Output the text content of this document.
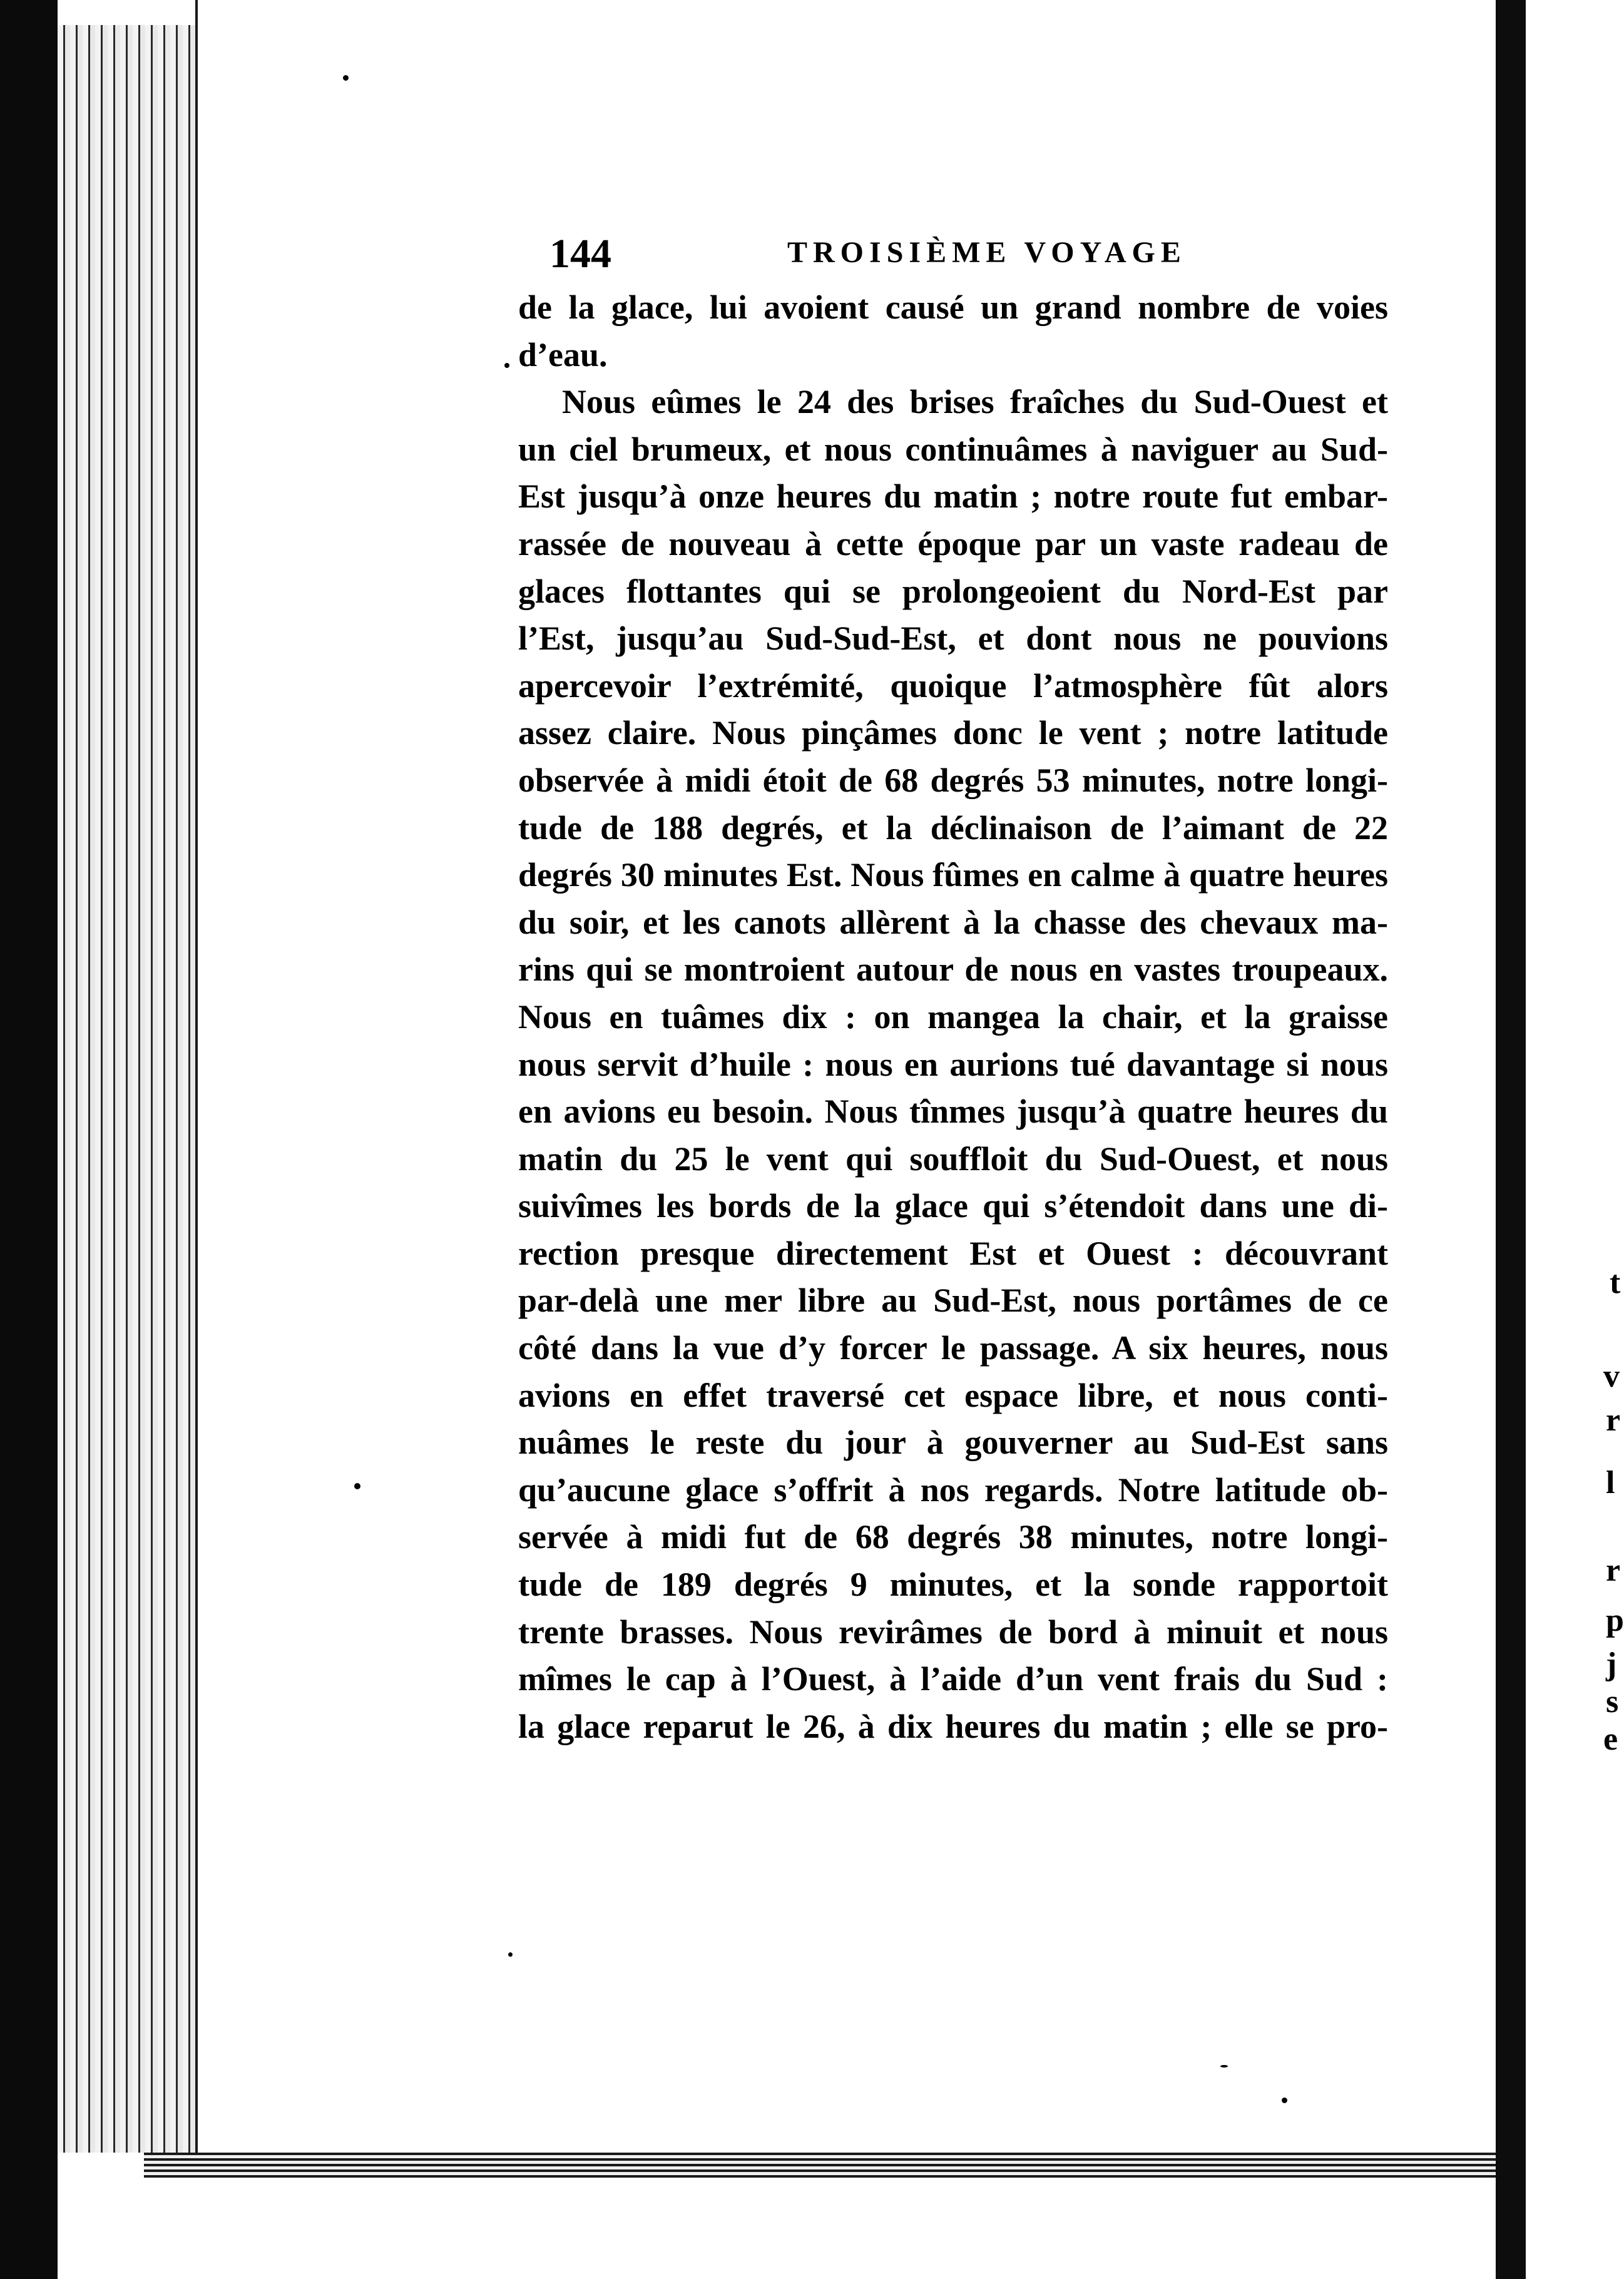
t
v
r
l
r
p
j
s
e
144	TROISIÈME VOYAGE
de la glace, lui avoient causé un grand nombre de voies
d’eau.
Nous eûmes le 24 des brises fraîches du Sud-Ouest et
un ciel brumeux, et nous continuâmes à naviguer au Sud-
Est jusqu’à onze heures du matin ; notre route fut embar-
rassée de nouveau à cette époque par un vaste radeau de
glaces flottantes qui se prolongeoient du Nord-Est par
l’Est, jusqu’au Sud-Sud-Est, et dont nous ne pouvions
apercevoir l’extrémité, quoique l’atmosphère fût alors
assez claire. Nous pinçâmes donc le vent ; notre latitude
observée à midi étoit de 68 degrés 53 minutes, notre longi-
tude de 188 degrés, et la déclinaison de l’aimant de 22
degrés 30 minutes Est. Nous fûmes en calme à quatre heures
du soir, et les canots allèrent à la chasse des chevaux ma-
rins qui se montroient autour de nous en vastes troupeaux.
Nous en tuâmes dix : on mangea la chair, et la graisse
nous servit d’huile : nous en aurions tué davantage si nous
en avions eu besoin. Nous tînmes jusqu’à quatre heures du
matin du 25 le vent qui souffloit du Sud-Ouest, et nous
suivîmes les bords de la glace qui s’étendoit dans une di-
rection presque directement Est et Ouest : découvrant
par-delà une mer libre au Sud-Est, nous portâmes de ce
côté dans la vue d’y forcer le passage. A six heures, nous
avions en effet traversé cet espace libre, et nous conti-
nuâmes le reste du jour à gouverner au Sud-Est sans
qu’aucune glace s’offrit à nos regards. Notre latitude ob-
servée à midi fut de 68 degrés 38 minutes, notre longi-
tude de 189 degrés 9 minutes, et la sonde rapportoit
trente brasses. Nous revirâmes de bord à minuit et nous
mîmes le cap à l’Ouest, à l’aide d’un vent frais du Sud :
la glace reparut le 26, à dix heures du matin ; elle se pro-
